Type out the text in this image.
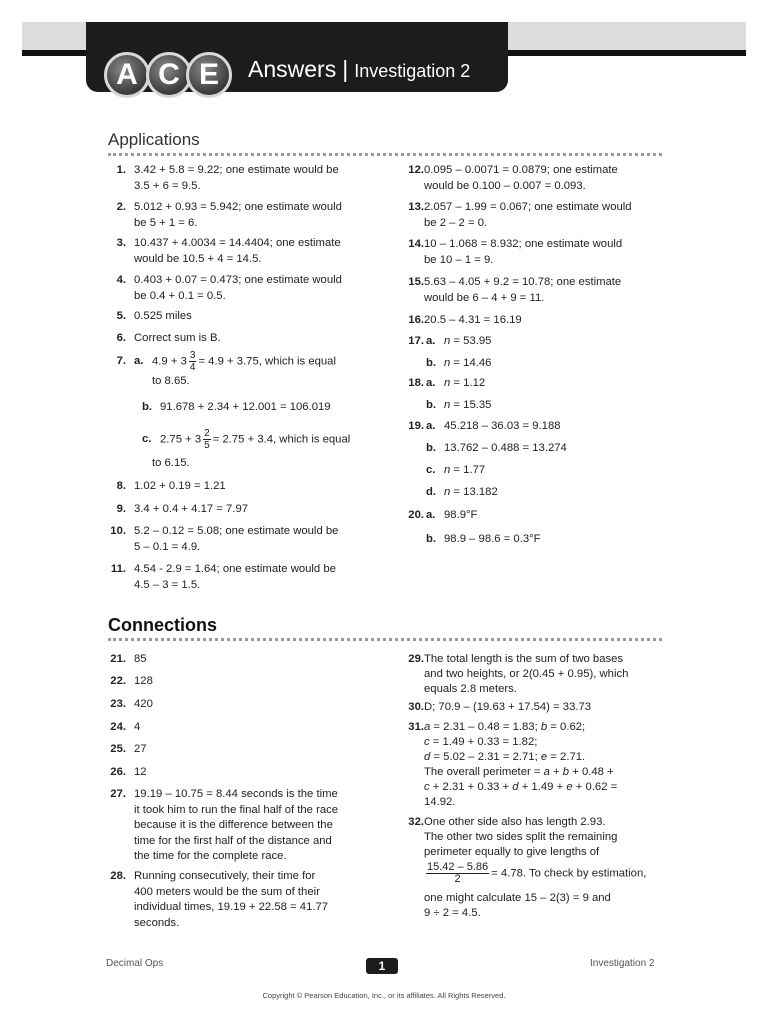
A C E	Answers | Investigation 2
Applications
1. 3.42 + 5.8 = 9.22; one estimate would be
3.5 + 6 = 9.5.
2. 5.012 + 0.93 = 5.942; one estimate would
be 5 + 1 = 6.
3. 10.437 + 4.0034 = 14.4404; one estimate
would be 10.5 + 4 = 14.5.
4. 0.403 + 0.07 = 0.473; one estimate would
be 0.4 + 0.1 = 0.5.
5. 0.525 miles
6. Correct sum is B.
12. 0.095 – 0.0071 = 0.0879; one estimate
would be 0.100 – 0.007 = 0.093.
13. 2.057 – 1.99 = 0.067; one estimate would
be 2 – 2 = 0.
14. 10 – 1.068 = 8.932; one estimate would
be 10 – 1 = 9.
15. 5.63 – 4.05 + 9.2 = 10.78; one estimate
would be 6 – 4 + 9 = 11.
16. 20.5 – 4.31 = 16.19
7. a. $4.9 + 3 \frac{3}{4} = 4.9 + 3.75$, which is equal
to 8.65.
b. 91.678 + 2.34 + 12.001 = 106.019
c. $2.75 + 3 \frac{2}{5} = 2.75 + 3.4$, which is equal
to 6.15.
8. 1.02 + 0.19 = 1.21
9. 3.4 + 0.4 + 4.17 = 7.97
10. 5.2 – 0.12 = 5.08; one estimate would be
5 – 0.1 = 4.9.
11. 4.54 - 2.9 = 1.64; one estimate would be
4.5 – 3 = 1.5.
17. a. n = 53.95
b. n = 14.46
18. a. n = 1.12
b. n = 15.35
19. a. 45.218 – 36.03 = 9.188
b. 13.762 – 0.488 = 13.274
c. n = 1.77
d. n = 13.182
20. a. 98.9°F
b. 98.9 – 98.6 = 0.3°F
Connections
21. 85
22. 128
23. 420
24. 4
25. 27
26. 12
27. 19.19 – 10.75 = 8.44 seconds is the time
it took him to run the final half of the race
because it is the difference between the
time for the first half of the distance and
the time for the complete race.
28. Running consecutively, their time for
400 meters would be the sum of their
individual times, 19.19 + 22.58 = 41.77
seconds.
29. The total length is the sum of two bases
and two heights, or 2(0.45 + 0.95), which
equals 2.8 meters.
30. D; 70.9 – (19.63 + 17.54) = 33.73
31. a = 2.31 – 0.48 = 1.83; b = 0.62;
c = 1.49 + 0.33 = 1.82;
d = 5.02 – 2.31 = 2.71; e = 2.71.
The overall perimeter = a + b + 0.48 +
c + 2.31 + 0.33 + d + 1.49 + e + 0.62 =
14.92.
32. One other side also has length 2.93.
The other two sides split the remaining
perimeter equally to give lengths of
$\frac{15.42 - 5.86}{2} = 4.78$. To check by estimation,
one might calculate 15 – 2(3) = 9 and
9 ÷ 2 = 4.5.
Decimal Ops	1	Investigation 2
Copyright © Pearson Education, Inc., or its affiliates. All Rights Reserved.
